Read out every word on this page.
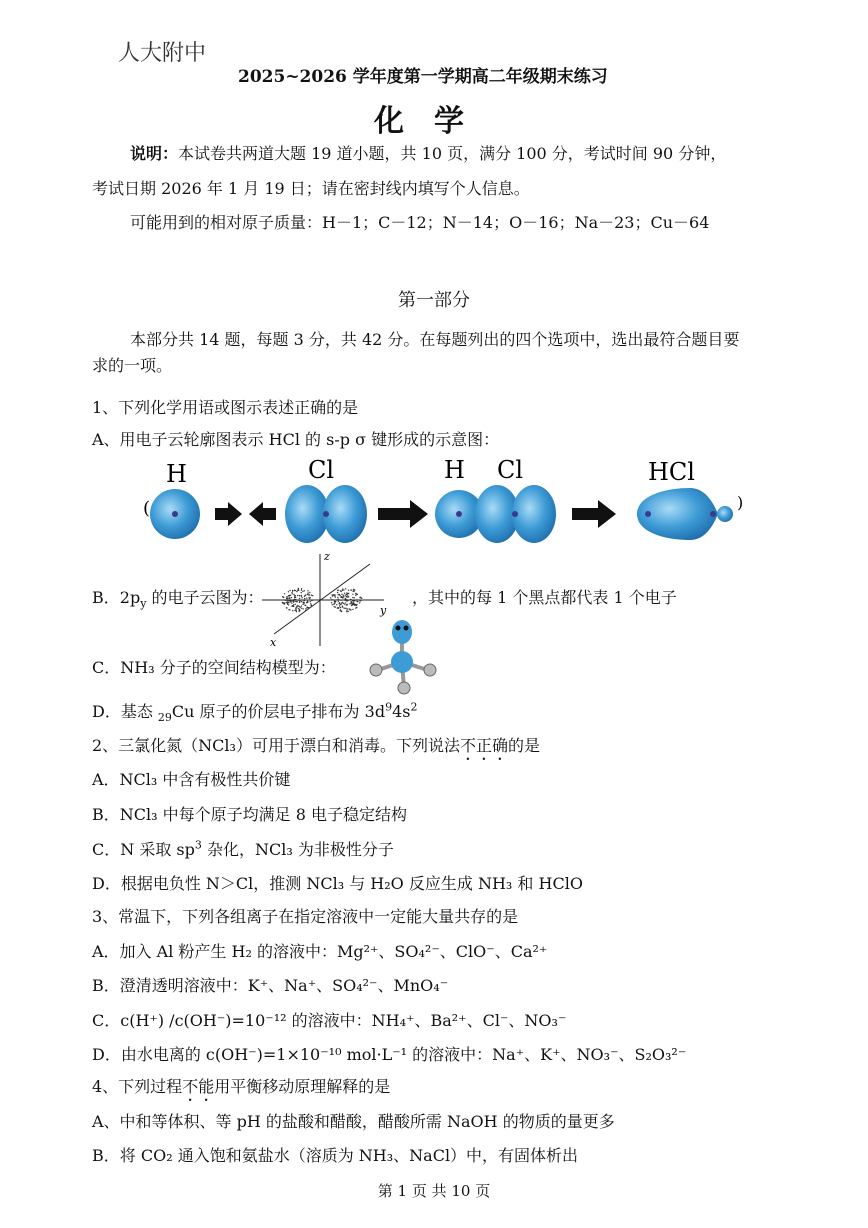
人大附中
2025~2026 学年度第一学期高二年级期末练习
化学
说明：本试卷共两道大题 19 道小题，共 10 页，满分 100 分，考试时间 90 分钟，
考试日期 2026 年 1 月 19 日；请在密封线内填写个人信息。
可能用到的相对原子质量：H－1；C－12；N－14；O－16；Na－23；Cu－64
第一部分
本部分共 14 题，每题 3 分，共 42 分。在每题列出的四个选项中，选出最符合题目要
求的一项。
1、下列化学用语或图示表述正确的是
A、用电子云轮廓图表示 HCl 的 s-p σ 键形成的示意图：
(
H	Cl	H Cl	HCl
)
B．$2p_y$ 的电子云图为：
z
y
x
，其中的每 1 个黑点都代表 1 个电子
C．NH₃ 分子的空间结构模型为：
D．基态 $_{29}$Cu 原子的价层电子排布为 $3d^94s^2$
2、三氯化氮（NCl₃）可用于漂白和消毒。下列说法不正确的是
A．NCl₃ 中含有极性共价键
B．NCl₃ 中每个原子均满足 8 电子稳定结构
C．N 采取 $sp^3$ 杂化，NCl₃ 为非极性分子
D．根据电负性 N＞Cl，推测 NCl₃ 与 H₂O 反应生成 NH₃ 和 HClO
3、常温下，下列各组离子在指定溶液中一定能大量共存的是
A．加入 Al 粉产生 H₂ 的溶液中：Mg²⁺、SO₄²⁻、ClO⁻、Ca²⁺
B．澄清透明溶液中：K⁺、Na⁺、SO₄²⁻、MnO₄⁻
C．c(H⁺) /c(OH⁻)=10⁻¹² 的溶液中：NH₄⁺、Ba²⁺、Cl⁻、NO₃⁻
D．由水电离的 c(OH⁻)=1×10⁻¹⁰ mol·L⁻¹ 的溶液中：Na⁺、K⁺、NO₃⁻、S₂O₃²⁻
4、下列过程不能用平衡移动原理解释的是
A、中和等体积、等 pH 的盐酸和醋酸，醋酸所需 NaOH 的物质的量更多
B．将 CO₂ 通入饱和氨盐水（溶质为 NH₃、NaCl）中，有固体析出
第 1 页 共 10 页
